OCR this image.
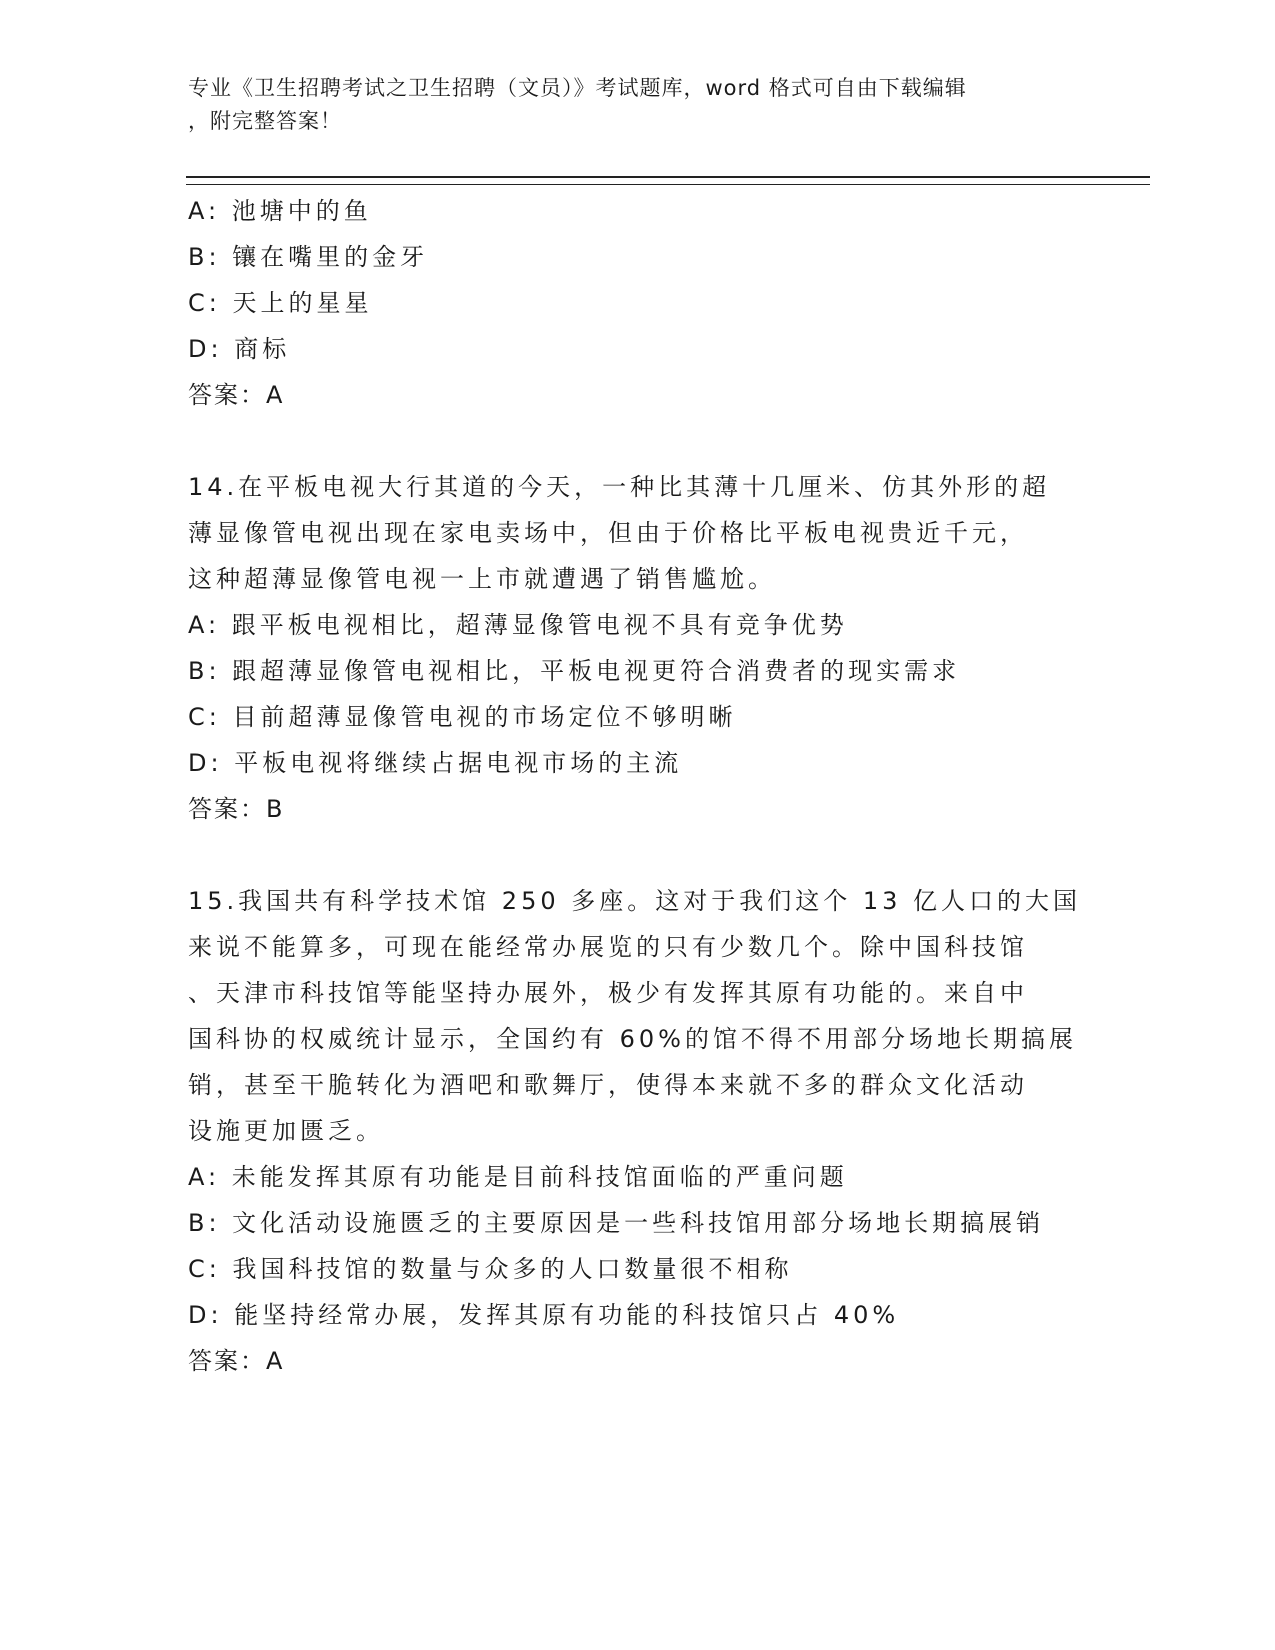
专业《卫生招聘考试之卫生招聘（文员）》考试题库，word 格式可自由下载编辑
，附完整答案！
A: 池塘中的鱼
B: 镶在嘴里的金牙
C: 天上的星星
D: 商标
答案：A
14.在平板电视大行其道的今天，一种比其薄十几厘米、仿其外形的超
薄显像管电视出现在家电卖场中，但由于价格比平板电视贵近千元，
这种超薄显像管电视一上市就遭遇了销售尴尬。
A: 跟平板电视相比，超薄显像管电视不具有竞争优势
B: 跟超薄显像管电视相比，平板电视更符合消费者的现实需求
C: 目前超薄显像管电视的市场定位不够明晰
D: 平板电视将继续占据电视市场的主流
答案：B
15.我国共有科学技术馆 250 多座。这对于我们这个 13 亿人口的大国
来说不能算多，可现在能经常办展览的只有少数几个。除中国科技馆
、天津市科技馆等能坚持办展外，极少有发挥其原有功能的。来自中
国科协的权威统计显示，全国约有 60%的馆不得不用部分场地长期搞展
销，甚至干脆转化为酒吧和歌舞厅，使得本来就不多的群众文化活动
设施更加匮乏。
A: 未能发挥其原有功能是目前科技馆面临的严重问题
B: 文化活动设施匮乏的主要原因是一些科技馆用部分场地长期搞展销
C: 我国科技馆的数量与众多的人口数量很不相称
D: 能坚持经常办展，发挥其原有功能的科技馆只占 40%
答案：A
